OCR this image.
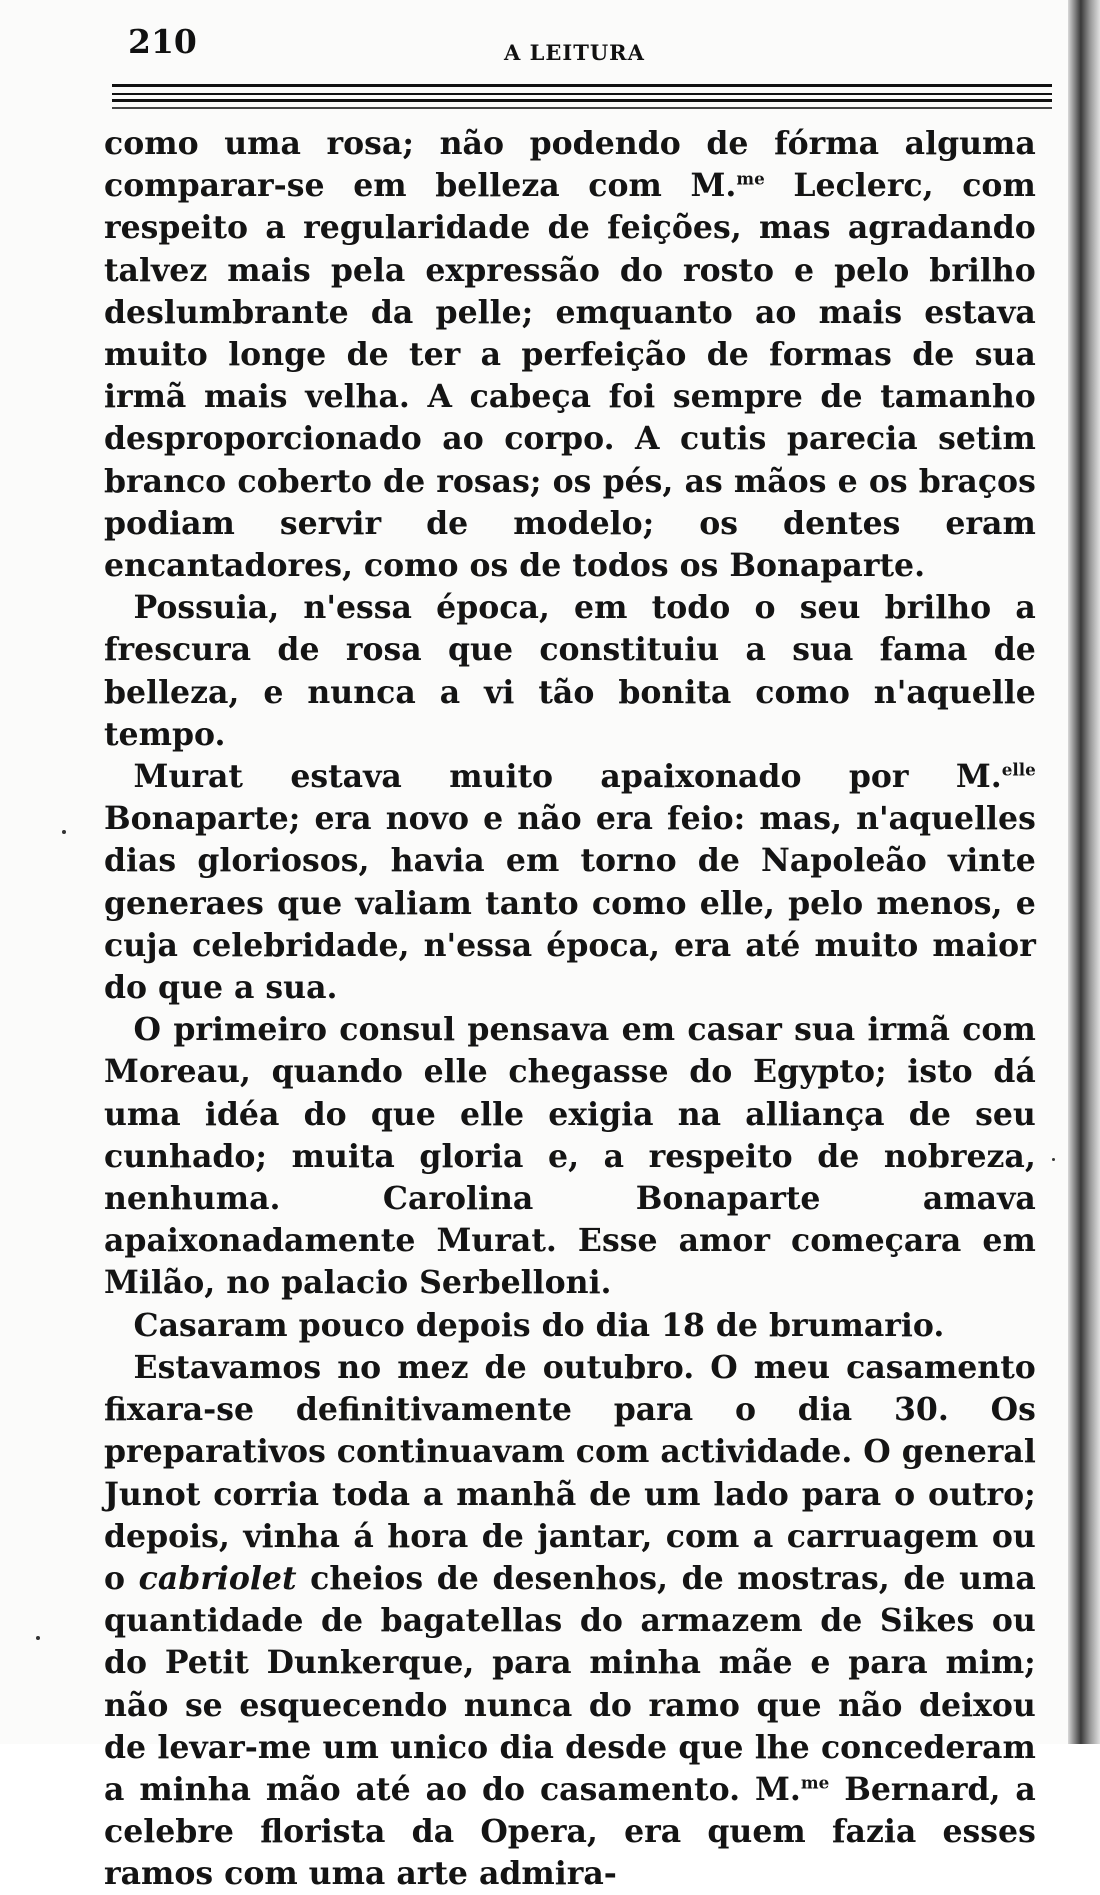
210	A LEITURA

como uma rosa; não podendo de fórma alguma comparar-se em belleza com M.$^{me}$ Leclerc, com respeito a regularidade de feições, mas agradando talvez mais pela expressão do rosto e pelo brilho deslumbrante da pelle; emquanto ao mais estava muito longe de ter a perfeição de formas de sua irmã mais velha. A cabeça foi sempre de tamanho desproporcionado ao corpo. A cutis parecia setim branco coberto de rosas; os pés, as mãos e os braços podiam servir de modelo; os dentes eram encantadores, como os de todos os Bonaparte.

Possuia, n'essa época, em todo o seu brilho a frescura de rosa que constituiu a sua fama de belleza, e nunca a vi tão bonita como n'aquelle tempo.

Murat estava muito apaixonado por M.$^{elle}$ Bonaparte; era novo e não era feio: mas, n'aquelles dias gloriosos, havia em torno de Napoleão vinte generaes que valiam tanto como elle, pelo menos, e cuja celebridade, n'essa época, era até muito maior do que a sua.

O primeiro consul pensava em casar sua irmã com Moreau, quando elle chegasse do Egypto; isto dá uma idéa do que elle exigia na alliança de seu cunhado; muita gloria e, a respeito de nobreza, nenhuma. Carolina Bonaparte amava apaixonadamente Murat. Esse amor começara em Milão, no palacio Serbelloni.

Casaram pouco depois do dia 18 de brumario.

Estavamos no mez de outubro. O meu casamento fixara-se definitivamente para o dia 30. Os preparativos continuavam com actividade. O general Junot corria toda a manhã de um lado para o outro; depois, vinha á hora de jantar, com a carruagem ou o cabriolet cheios de desenhos, de mostras, de uma quantidade de bagatellas do armazem de Sikes ou do Petit Dunkerque, para minha mãe e para mim; não se esquecendo nunca do ramo que não deixou de levar-me um unico dia desde que lhe concederam a minha mão até ao do casamento. M.$^{me}$ Bernard, a celebre florista da Opera, era quem fazia esses ramos com uma arte admira-
